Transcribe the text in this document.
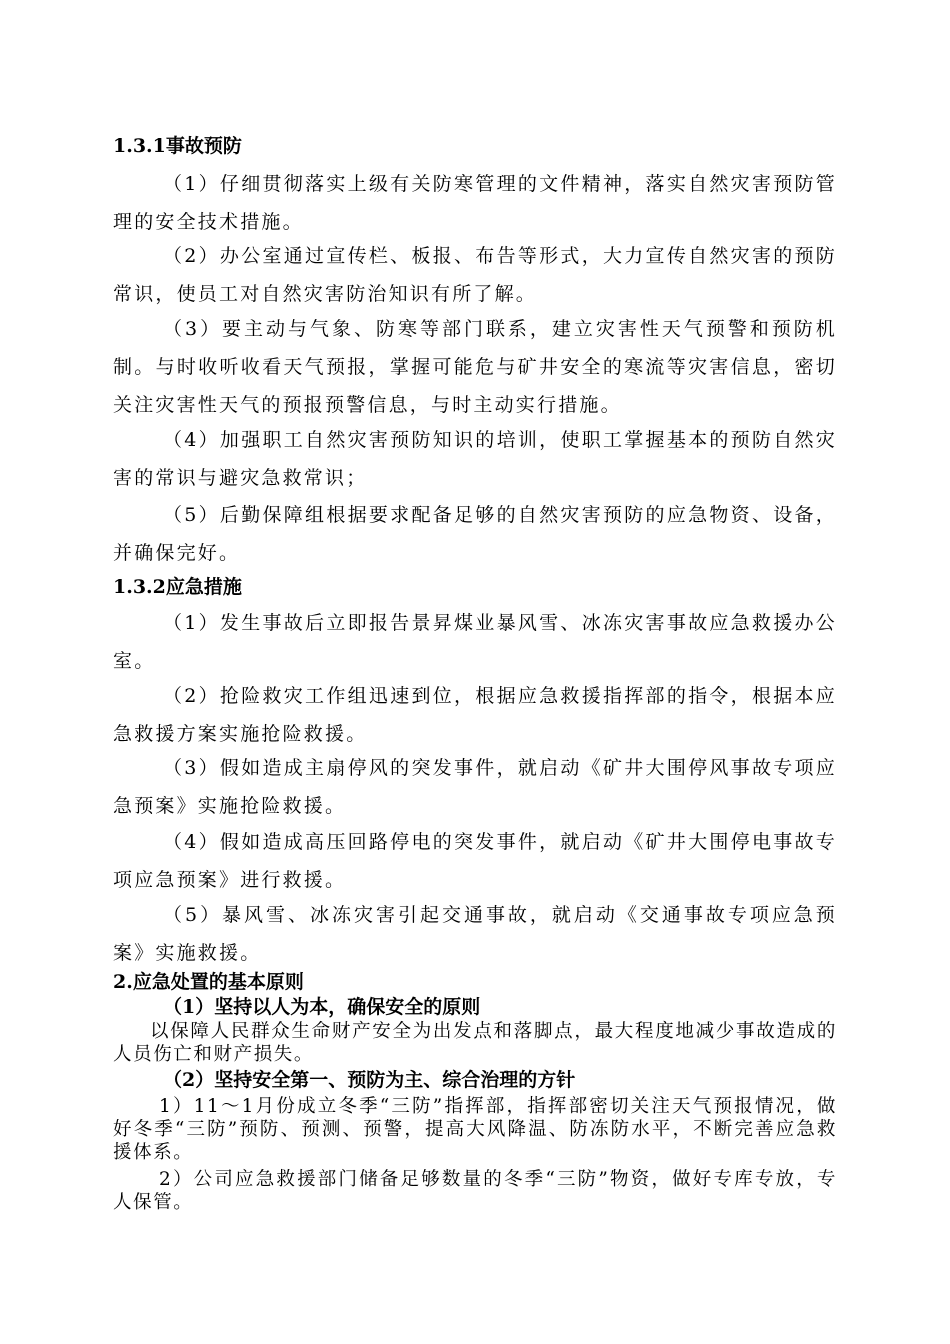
1.3.1事故预防

（1）仔细贯彻落实上级有关防寒管理的文件精神，落实自然灾害预防管理的安全技术措施。

（2）办公室通过宣传栏、板报、布告等形式，大力宣传自然灾害的预防常识，使员工对自然灾害防治知识有所了解。

（3）要主动与气象、防寒等部门联系，建立灾害性天气预警和预防机制。与时收听收看天气预报，掌握可能危与矿井安全的寒流等灾害信息，密切关注灾害性天气的预报预警信息，与时主动实行措施。

（4）加强职工自然灾害预防知识的培训，使职工掌握基本的预防自然灾害的常识与避灾急救常识；

（5）后勤保障组根据要求配备足够的自然灾害预防的应急物资、设备，并确保完好。

1.3.2应急措施

（1）发生事故后立即报告景昇煤业暴风雪、冰冻灾害事故应急救援办公室。

（2）抢险救灾工作组迅速到位，根据应急救援指挥部的指令，根据本应急救援方案实施抢险救援。

（3）假如造成主扇停风的突发事件，就启动《矿井大围停风事故专项应急预案》实施抢险救援。

（4）假如造成高压回路停电的突发事件，就启动《矿井大围停电事故专项应急预案》进行救援。

（5）暴风雪、冰冻灾害引起交通事故，就启动《交通事故专项应急预案》实施救援。

2.应急处置的基本原则
（1）坚持以人为本，确保安全的原则

以保障人民群众生命财产安全为出发点和落脚点，最大程度地减少事故造成的人员伤亡和财产损失。

（2）坚持安全第一、预防为主、综合治理的方针

1）11～1月份成立冬季“三防”指挥部，指挥部密切关注天气预报情况，做好冬季“三防”预防、预测、预警，提高大风降温、防冻防水平，不断完善应急救援体系。

2）公司应急救援部门储备足够数量的冬季“三防”物资，做好专库专放，专人保管。
